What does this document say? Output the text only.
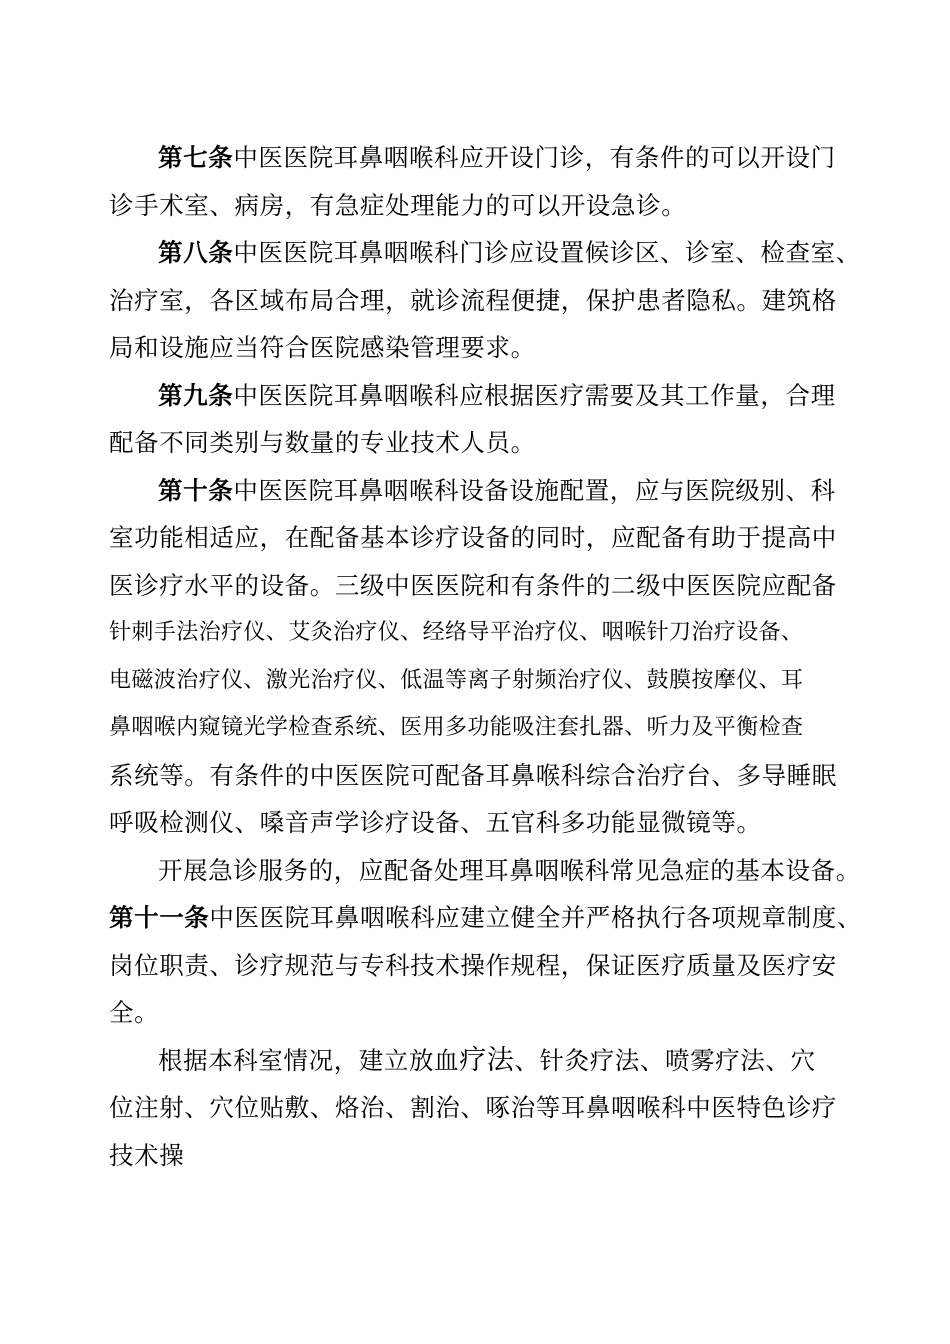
第七条中医医院耳鼻咽喉科应开设门诊，有条件的可以开设门
诊手术室、病房，有急症处理能力的可以开设急诊。

第八条中医医院耳鼻咽喉科门诊应设置候诊区、诊室、检查室、
治疗室，各区域布局合理，就诊流程便捷，保护患者隐私。建筑格
局和设施应当符合医院感染管理要求。

第九条中医医院耳鼻咽喉科应根据医疗需要及其工作量，合理
配备不同类别与数量的专业技术人员。

第十条中医医院耳鼻咽喉科设备设施配置，应与医院级别、科
室功能相适应，在配备基本诊疗设备的同时，应配备有助于提高中
医诊疗水平的设备。三级中医医院和有条件的二级中医医院应配备

针刺手法治疗仪、艾灸治疗仪、经络导平治疗仪、咽喉针刀治疗设备、
电磁波治疗仪、激光治疗仪、低温等离子射频治疗仪、鼓膜按摩仪、耳
鼻咽喉内窥镜光学检查系统、医用多功能吸注套扎器、听力及平衡检查

系统等。有条件的中医医院可配备耳鼻喉科综合治疗台、多导睡眠
呼吸检测仪、嗓音声学诊疗设备、五官科多功能显微镜等。
开展急诊服务的，应配备处理耳鼻咽喉科常见急症的基本设备。

第十一条中医医院耳鼻咽喉科应建立健全并严格执行各项规章制度、
岗位职责、诊疗规范与专科技术操作规程，保证医疗质量及医疗安
全。

根据本科室情况，建立放血疗法、针灸疗法、喷雾疗法、穴
位注射、穴位贴敷、烙治、割治、啄治等耳鼻咽喉科中医特色诊疗
技术操
